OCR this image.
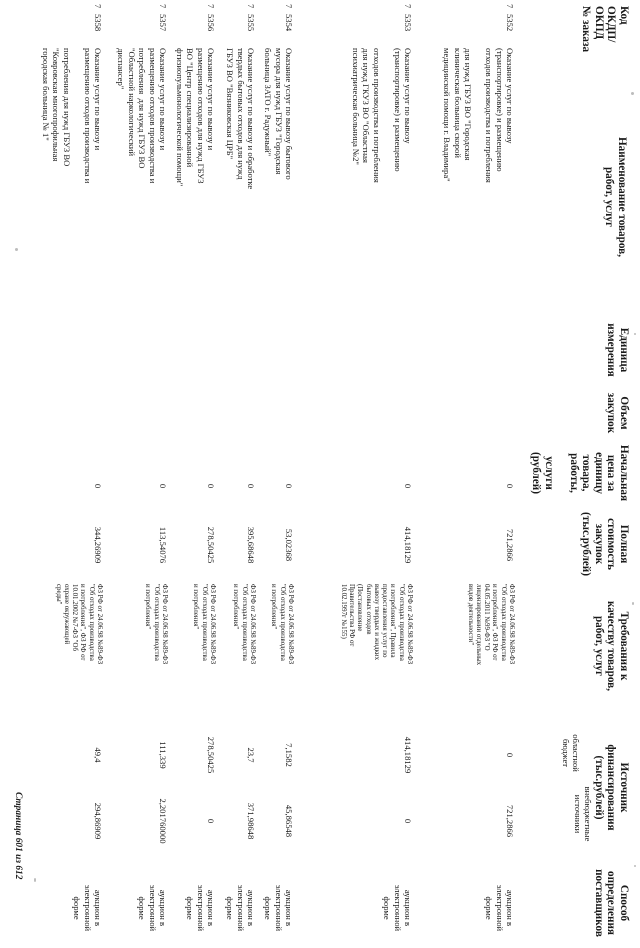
Код
ОКДП/
ОКПД
№ заказа
Наименование товаров,
работ, услуг
Единица
измерения
Объем
закупок
Начальная
цена за
единицу
товара,
работы,

услуги
(рублей)
Полная
стоимость
закупок
(тыс.рублей)
Требования к
качеству товаров,
работ, услуг
Источник
финансирования
(тыс.рублей)
областной
бюджет
внебюджетные
источники
Способ
определения
поставщиков
7
5352
Оказание услуг по вывозу
(транспортировке) и размещению
отходов производства и потребления

для нужд ГБУЗ ВО "Городская
клиническая больница скорой
медицинской помощи г. Владимира"
0
721,2866
ФЗ РФ от 24.06.98 №89-ФЗ
"Об отходах производства
и потребления", ФЗ РФ от
04.05.2011 №99-ФЗ "О
лицензировании отдельных
видов деятельности"
0
721,2866
аукцион в
электронной
форме
7
5353
Оказание услуг по вывозу
(транспортировке) и размещению

отходов производства и потребления
для нужд ГКУЗ ВО "Областная
психиатрическая больница №2"
0
414,18129
ФЗ РФ от 24.06.98 №89-ФЗ
"Об отходах производства
и потребления", Правила
предоставления услуг по
вывозу твердых и жидких
бытовых отходов
(Постановление
Правительства РФ от
10.02.1997г №155)
414,18129
0
аукцион в
электронной
форме
7
5354
Оказание услуг по вывозу бытового
мусора для нужд ГБУЗ "Городская
больница ЗАТО г. Радужный"
0
53,02368
ФЗ РФ от 24.06.98 №89-ФЗ
"Об отходах производства
и потребления"
7,1582
45,86548
аукцион в
электронной
форме
7
5355
Оказание услуг по вывозу и обработке
твердых бытовых отходов для нужд
ГБУЗ ВО "Вязниковская ЦРБ"
0
395,68648
ФЗ РФ от 24.06.98 №89-ФЗ
"Об отходах производства
и потребления"
23,7
371,98648
аукцион в
электронной
форме
7
5356
Оказание услуг по вывозу и
размещению отходов для нужд ГБУЗ
ВО "Центр специализированной
фтизиопульмонологической помощи"
0
278,50425
ФЗ РФ от 24.06.98 №89-ФЗ
"Об отходах производства
и потребления"
278,50425
0
аукцион в
электронной
форме
7
5357
Оказание услуг по вывозу и
размещению отходов производства и
потребления  для нужд ГБУЗ ВО
"Областной наркологический
диспансер"
0
113,54076
ФЗ РФ от 24.06.98 №89-ФЗ
"Об отходах производства
и потребления"
111,339
2,201760000
аукцион в
электронной
форме
7
5358
Оказание услуг по вывозу и
размещению отходов производства и

потребления для нужд ГБУЗ ВО
"Ковровская многопрофильная
городская больница № 1"
0
344,26909
ФЗ РФ от 24.06.98 №89-ФЗ
"Об отходах производства
и потребления", ФЗ РФ от
10.01.2002 №7-ФЗ "Об
охране окружающей
среды"
49,4
294,86909
аукцион в
электронной
форме
Страница 601 из 612
